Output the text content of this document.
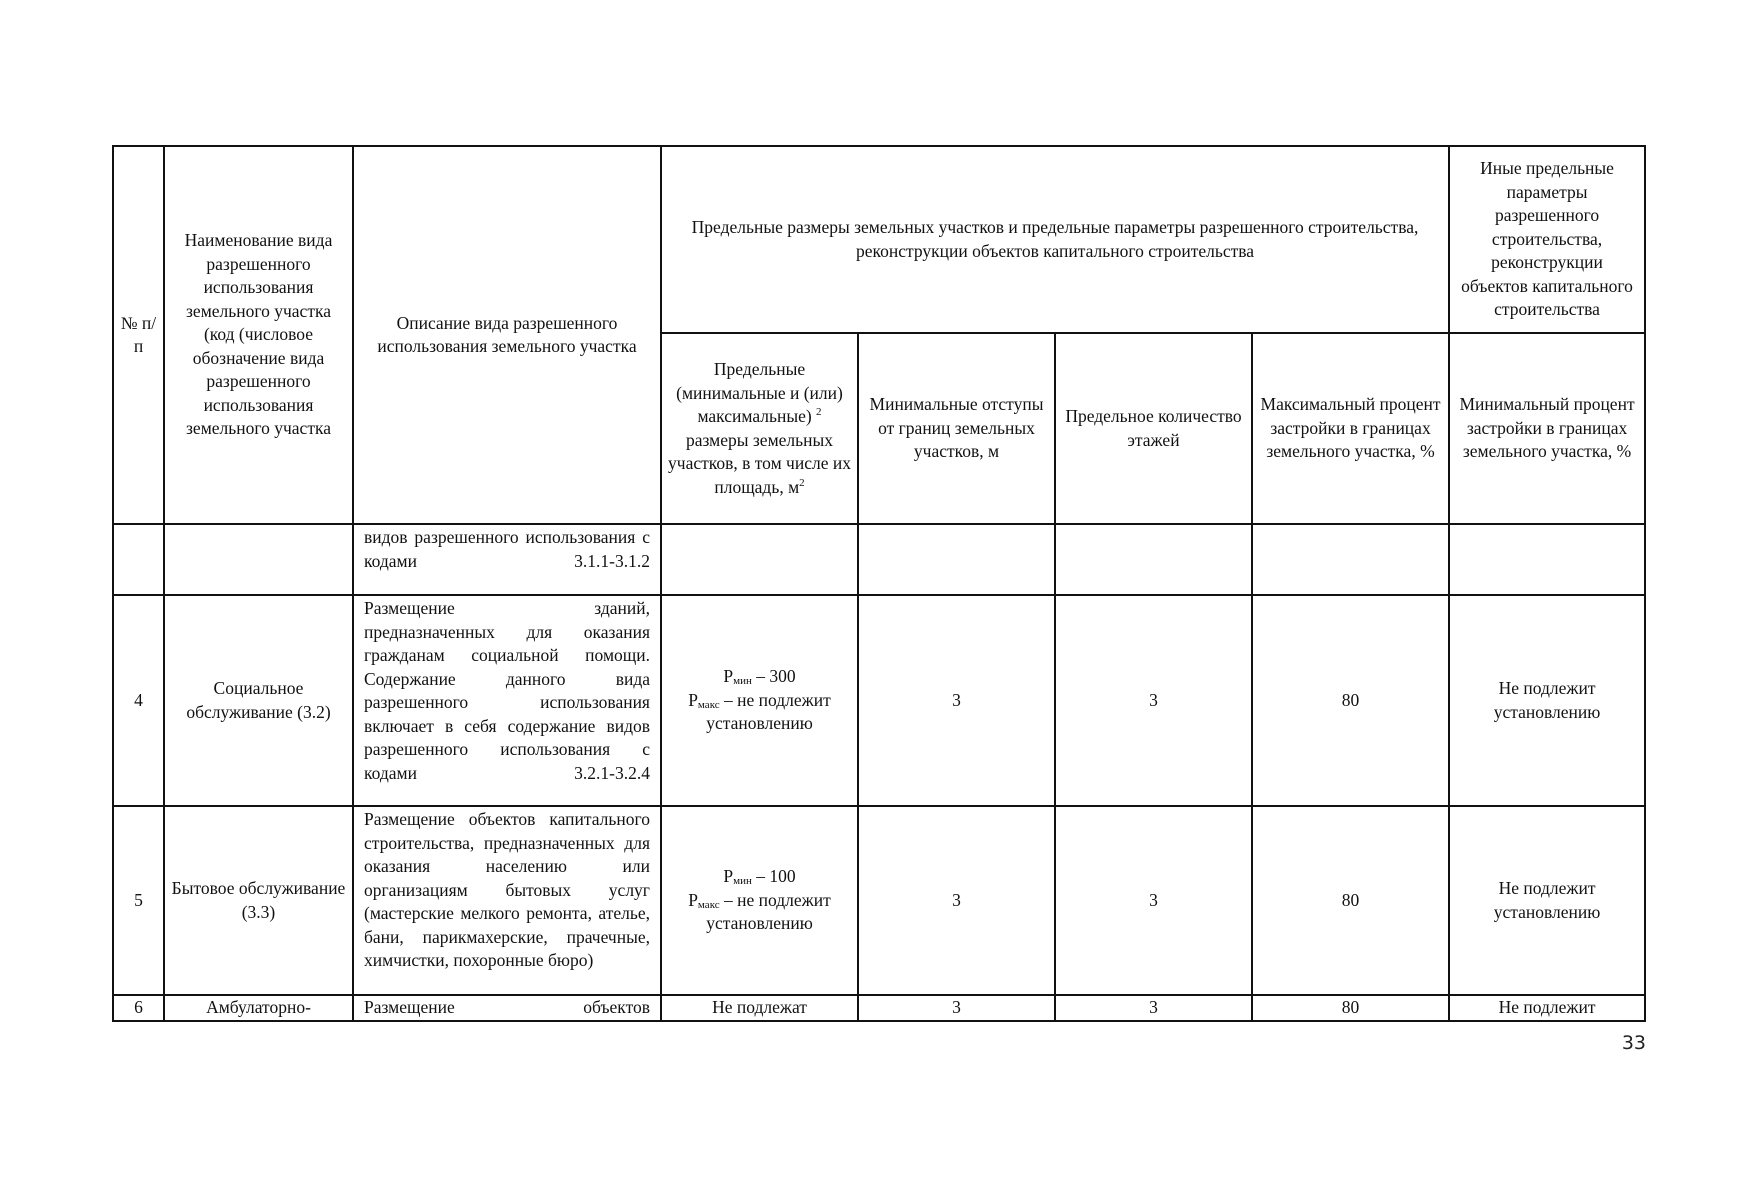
№ п/п	Наименование вида разрешенного использования земельного участка (код (числовое обозначение вида разрешенного использования земельного участка	Описание вида разрешенного использования земельного участка	Предельные размеры земельных участков и предельные параметры разрешенного строительства, реконструкции объектов капитального строительства				Иные предельные параметры разрешенного строительства, реконструкции объектов капитального строительства
			Предельные (минимальные и (или) максимальные) $^2$ размеры земельных участков, в том числе их площадь, $м^2$	Минимальные отступы от границ земельных участков, м	Предельное количество этажей	Максимальный процент застройки в границах земельного участка, %	Минимальный процент застройки в границах земельного участка, %
		видов разрешенного использования с кодами 3.1.1-3.1.2					
4	Социальное обслуживание (3.2)	Размещение зданий, предназначенных для оказания гражданам социальной помощи. Содержание данного вида разрешенного использования включает в себя содержание видов разрешенного использования с кодами 3.2.1-3.2.4	$P_{мин} - 300$
$P_{макс}$ – не подлежит установлению	3	3	80	Не подлежит установлению
5	Бытовое обслуживание (3.3)	Размещение объектов капитального строительства, предназначенных для оказания населению или организациям бытовых услуг (мастерские мелкого ремонта, ателье, бани, парикмахерские, прачечные, химчистки, похоронные бюро)	$P_{мин} - 100$
$P_{макс}$ – не подлежит установлению	3	3	80	Не подлежит установлению
6	Амбулаторно-	Размещение объектов	Не подлежат	3	3	80	Не подлежит
33
